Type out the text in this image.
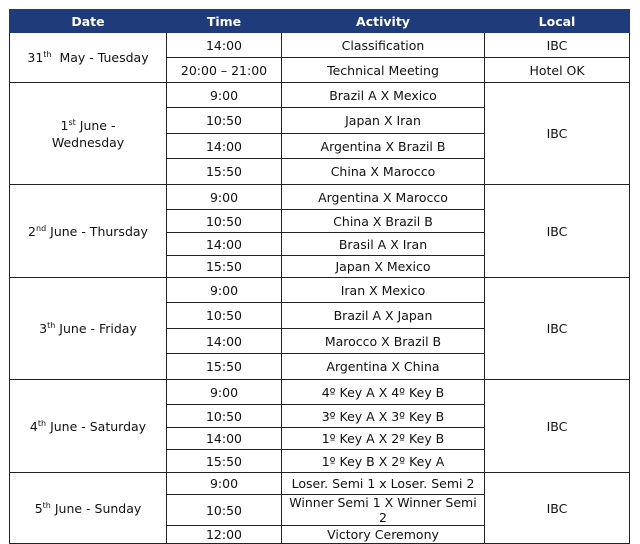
Date	Time	Activity	Local
31th  May - Tuesday	14:00	Classification	IBC
	20:00 – 21:00	Technical Meeting	Hotel OK
1st June - Wednesday	9:00	Brazil A X Mexico	IBC
	10:50	Japan X Iran	
	14:00	Argentina X Brazil B	
	15:50	China X Marocco	
2nd June - Thursday	9:00	Argentina X Marocco	IBC
	10:50	China X Brazil B	
	14:00	Brasil A X Iran	
	15:50	Japan X Mexico	
3th June - Friday	9:00	Iran X Mexico	IBC
	10:50	Brazil A X Japan	
	14:00	Marocco X Brazil B	
	15:50	Argentina X China	
4th June - Saturday	9:00	4º Key A X 4º Key B	IBC
	10:50	3º Key A X 3º Key B	
	14:00	1º Key A X 2º Key B	
	15:50	1º Key B X 2º Key A	
5th June - Sunday	9:00	Loser. Semi 1 x Loser. Semi 2	IBC
	10:50	Winner Semi 1 X Winner Semi 2	
	12:00	Victory Ceremony	
